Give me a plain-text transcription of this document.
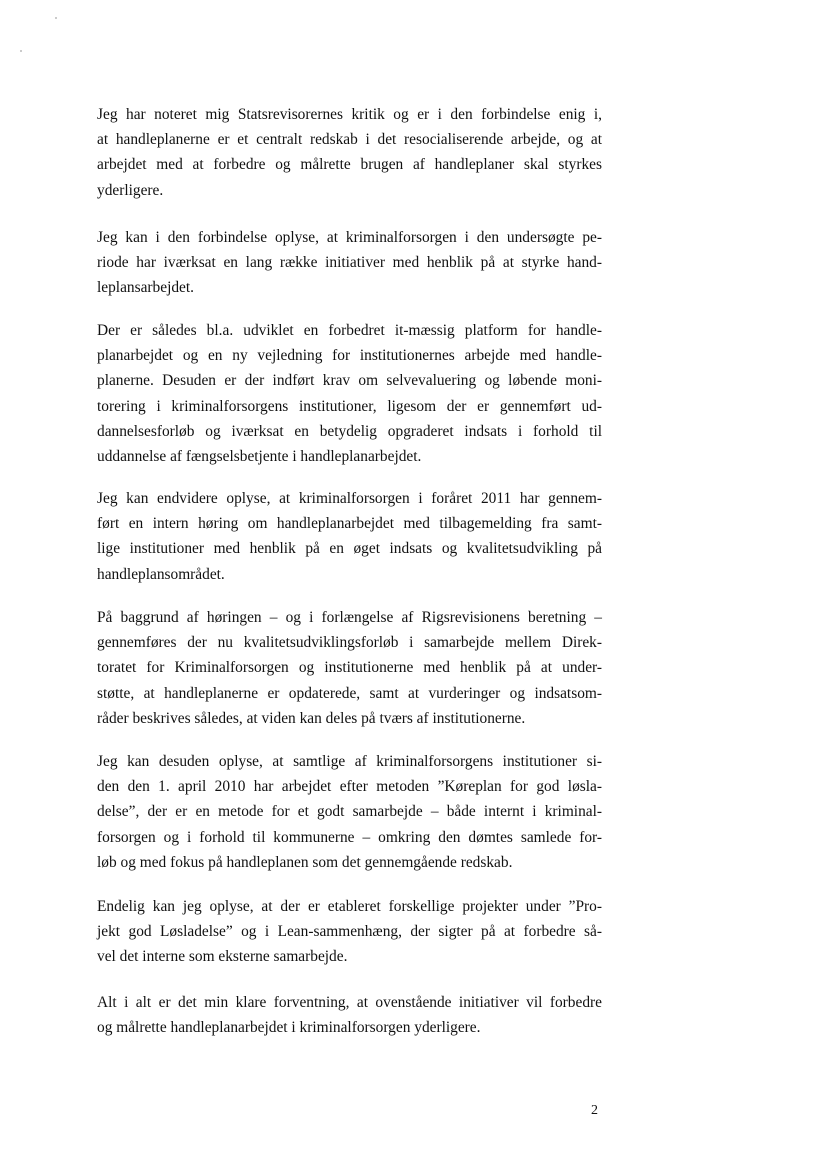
Jeg har noteret mig Statsrevisorernes kritik og er i den forbindelse enig i,
at handleplanerne er et centralt redskab i det resocialiserende arbejde, og at
arbejdet med at forbedre og målrette brugen af handleplaner skal styrkes
yderligere.
Jeg kan i den forbindelse oplyse, at kriminalforsorgen i den undersøgte pe-
riode har iværksat en lang række initiativer med henblik på at styrke hand-
leplansarbejdet.
Der er således bl.a. udviklet en forbedret it-mæssig platform for handle-
planarbejdet og en ny vejledning for institutionernes arbejde med handle-
planerne. Desuden er der indført krav om selvevaluering og løbende moni-
torering i kriminalforsorgens institutioner, ligesom der er gennemført ud-
dannelsesforløb og iværksat en betydelig opgraderet indsats i forhold til
uddannelse af fængselsbetjente i handleplanarbejdet.
Jeg kan endvidere oplyse, at kriminalforsorgen i foråret 2011 har gennem-
ført en intern høring om handleplanarbejdet med tilbagemelding fra samt-
lige institutioner med henblik på en øget indsats og kvalitetsudvikling på
handleplansområdet.
På baggrund af høringen – og i forlængelse af Rigsrevisionens beretning –
gennemføres der nu kvalitetsudviklingsforløb i samarbejde mellem Direk-
toratet for Kriminalforsorgen og institutionerne med henblik på at under-
støtte, at handleplanerne er opdaterede, samt at vurderinger og indsatsom-
råder beskrives således, at viden kan deles på tværs af institutionerne.
Jeg kan desuden oplyse, at samtlige af kriminalforsorgens institutioner si-
den den 1. april 2010 har arbejdet efter metoden ”Køreplan for god løsla-
delse”, der er en metode for et godt samarbejde – både internt i kriminal-
forsorgen og i forhold til kommunerne – omkring den dømtes samlede for-
løb og med fokus på handleplanen som det gennemgående redskab.
Endelig kan jeg oplyse, at der er etableret forskellige projekter under ”Pro-
jekt god Løsladelse” og i Lean-sammenhæng, der sigter på at forbedre så-
vel det interne som eksterne samarbejde.
Alt i alt er det min klare forventning, at ovenstående initiativer vil forbedre
og målrette handleplanarbejdet i kriminalforsorgen yderligere.
2
